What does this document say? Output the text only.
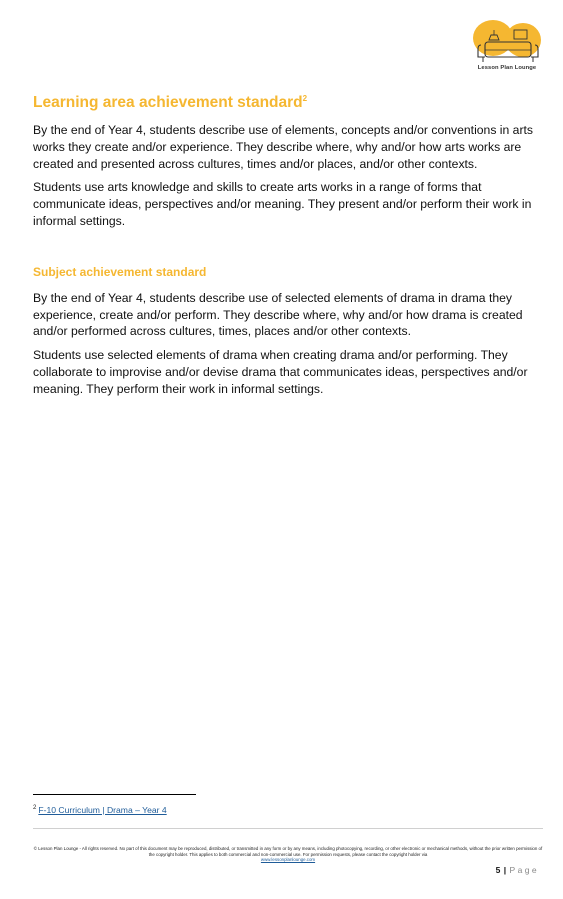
Lesson Plan Lounge
Learning area achievement standard$^2$

By the end of Year 4, students describe use of elements, concepts and/or conventions in arts works they create and/or experience. They describe where, why and/or how arts works are created and presented across cultures, times and/or places, and/or other contexts.

Students use arts knowledge and skills to create arts works in a range of forms that communicate ideas, perspectives and/or meaning. They present and/or perform their work in informal settings.

Subject achievement standard

By the end of Year 4, students describe use of selected elements of drama in drama they experience, create and/or perform. They describe where, why and/or how drama is created and/or performed across cultures, times, places and/or other contexts.

Students use selected elements of drama when creating drama and/or performing. They collaborate to improvise and/or devise drama that communicates ideas, perspectives and/or meaning. They perform their work in informal settings.

$^2$ F-10 Curriculum | Drama – Year 4
© Lesson Plan Lounge - All rights reserved. No part of this document may be reproduced, distributed, or transmitted in any form or by any means, including photocopying, recording, or other electronic or mechanical methods, without the prior written permission of the copyright holder. This applies to both commercial and non-commercial use. For permission requests, please contact the copyright holder via
www.lessonplanlounge.com
5 | Page
